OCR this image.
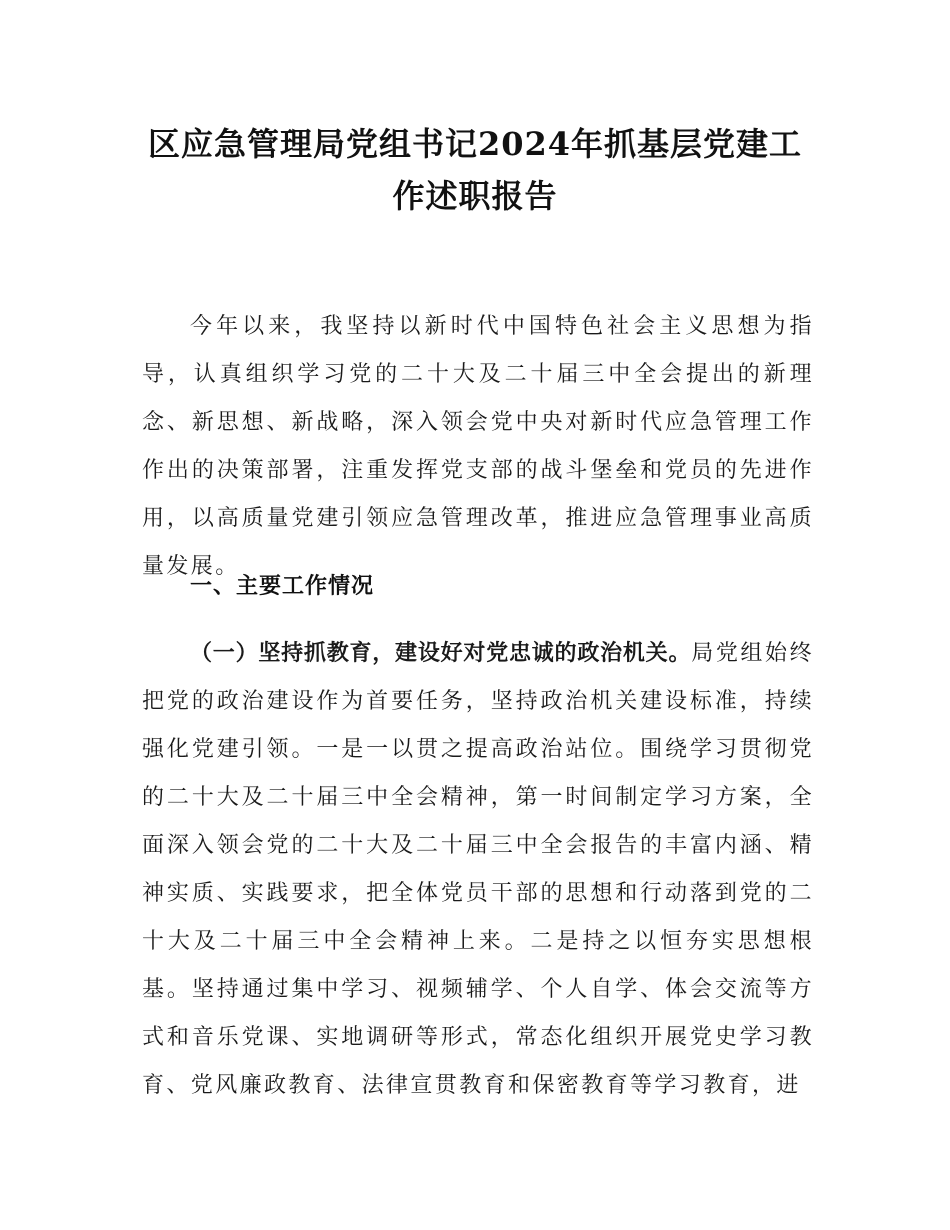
区应急管理局党组书记2024年抓基层党建工
作述职报告

今年以来，我坚持以新时代中国特色社会主义思想为指导，认真组织学习党的二十大及二十届三中全会提出的新理念、新思想、新战略，深入领会党中央对新时代应急管理工作作出的决策部署，注重发挥党支部的战斗堡垒和党员的先进作用，以高质量党建引领应急管理改革，推进应急管理事业高质量发展。

一、主要工作情况

（一）坚持抓教育，建设好对党忠诚的政治机关。局党组始终把党的政治建设作为首要任务，坚持政治机关建设标准，持续强化党建引领。一是一以贯之提高政治站位。围绕学习贯彻党的二十大及二十届三中全会精神，第一时间制定学习方案，全面深入领会党的二十大及二十届三中全会报告的丰富内涵、精神实质、实践要求，把全体党员干部的思想和行动落到党的二十大及二十届三中全会精神上来。二是持之以恒夯实思想根基。坚持通过集中学习、视频辅学、个人自学、体会交流等方式和音乐党课、实地调研等形式，常态化组织开展党史学习教育、党风廉政教育、法律宣贯教育和保密教育等学习教育，进
